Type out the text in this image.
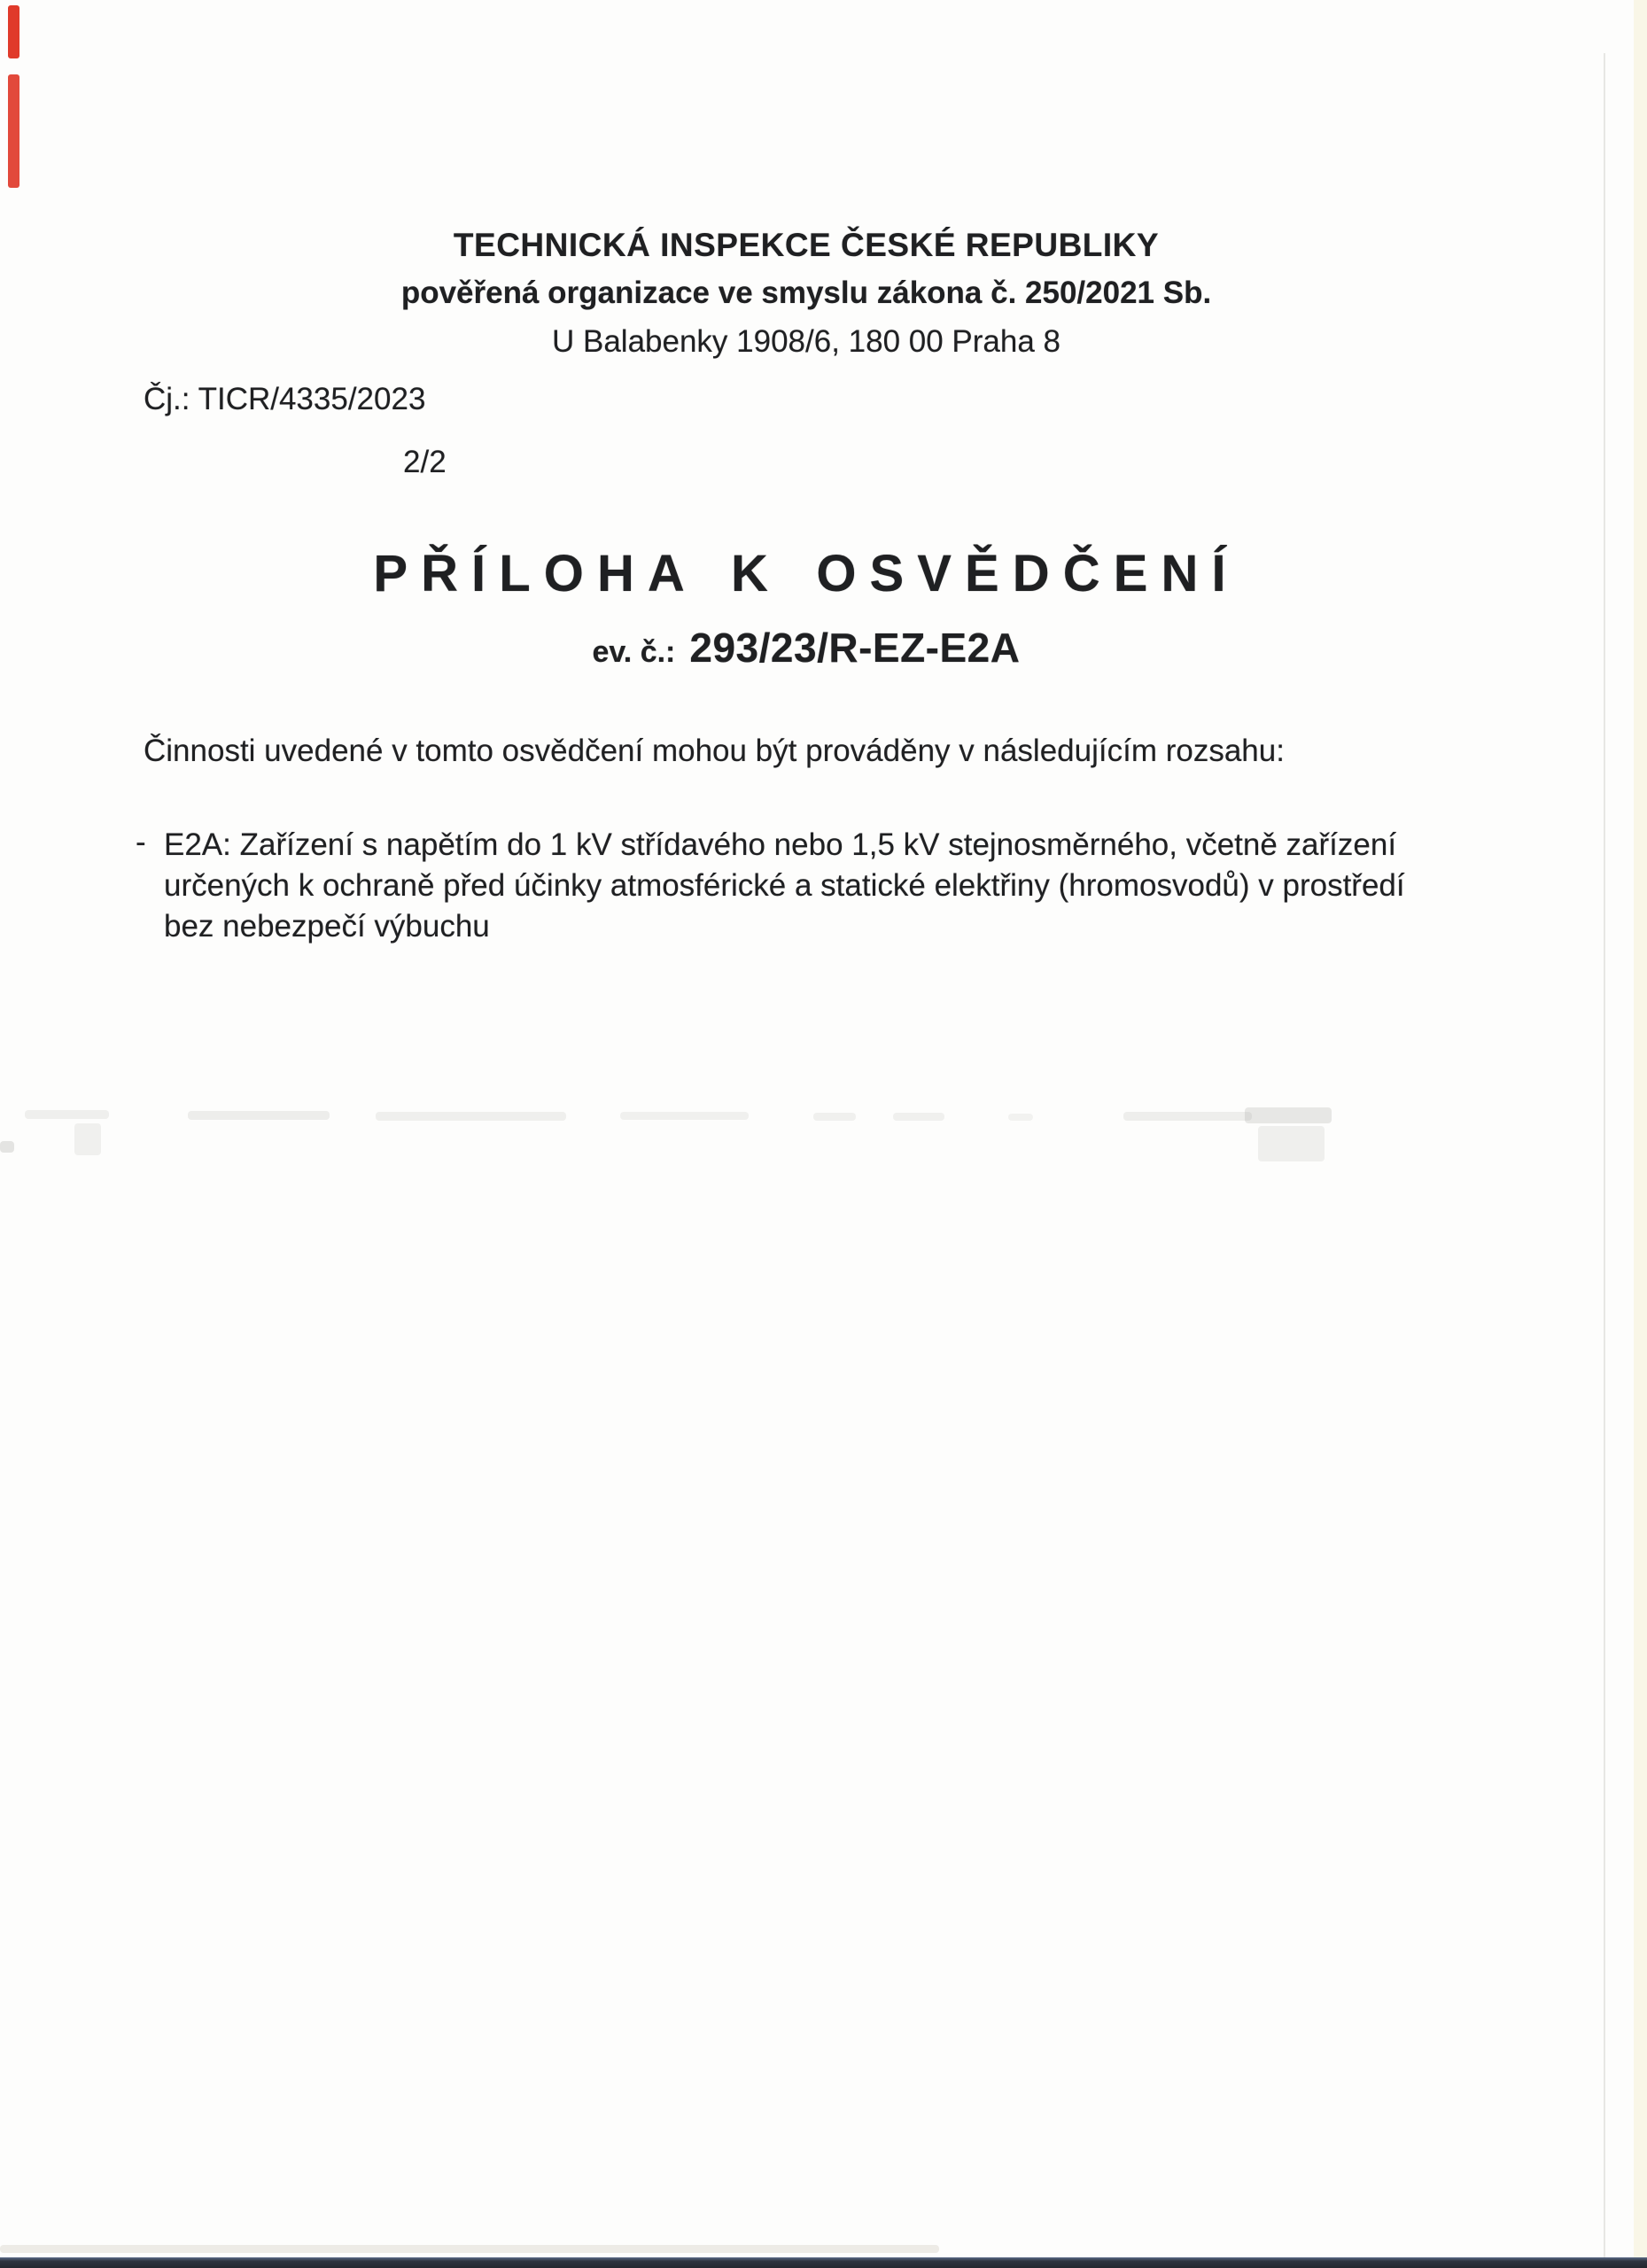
TECHNICKÁ INSPEKCE ČESKÉ REPUBLIKY
pověřená organizace ve smyslu zákona č. 250/2021 Sb.
U Balabenky 1908/6, 180 00 Praha 8
Čj.: TICR/4335/2023
2/2
PŘÍLOHA K OSVĚDČENÍ
ev. č.: 293/23/R-EZ-E2A
Činnosti uvedené v tomto osvědčení mohou být prováděny v následujícím rozsahu:
- E2A: Zařízení s napětím do 1 kV střídavého nebo 1,5 kV stejnosměrného, včetně zařízení
určených k ochraně před účinky atmosférické a statické elektřiny (hromosvodů) v prostředí
bez nebezpečí výbuchu
